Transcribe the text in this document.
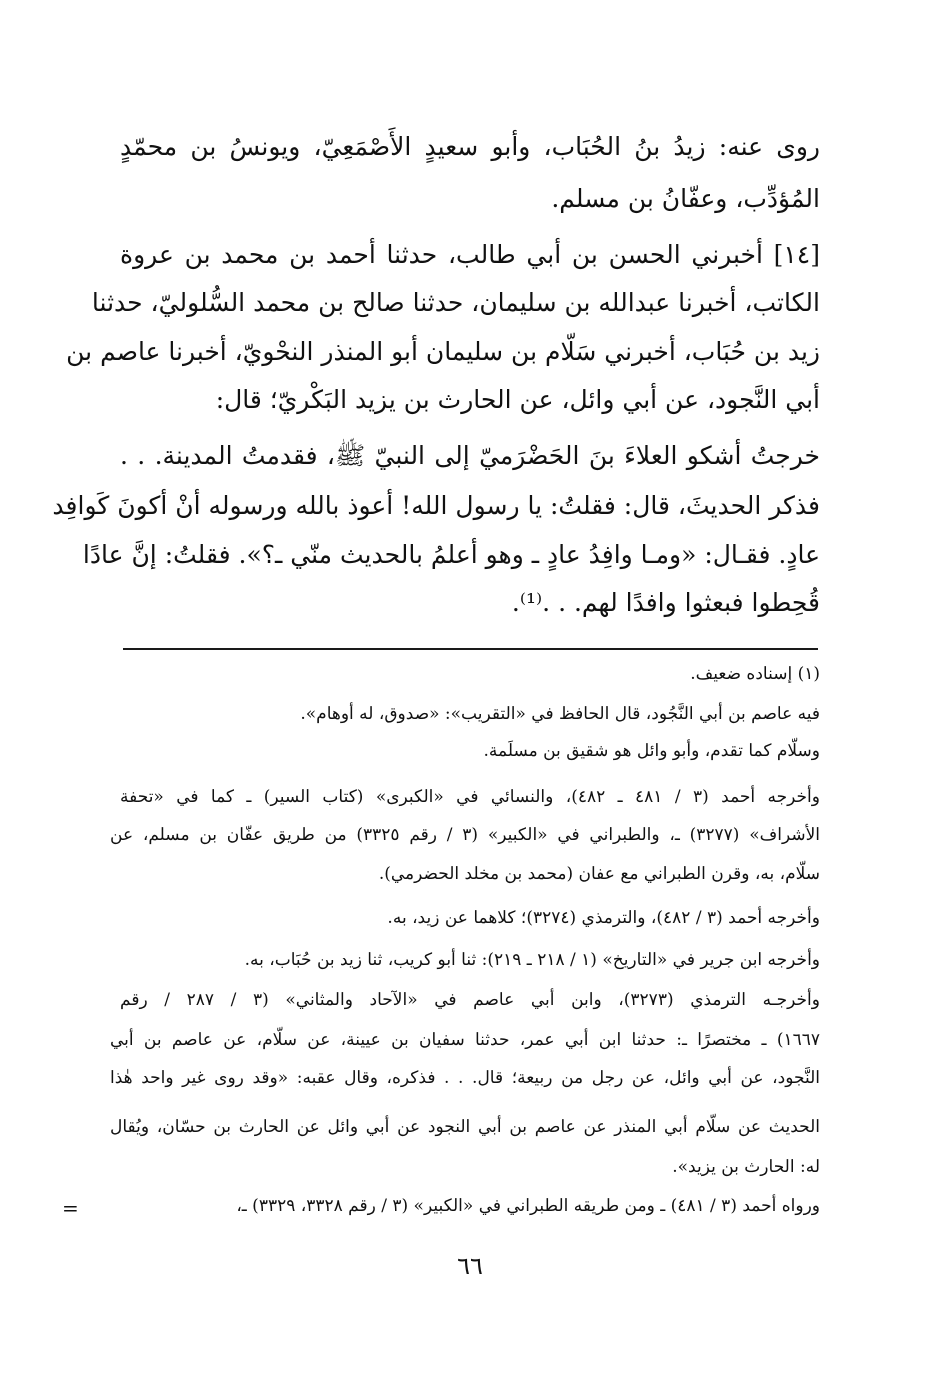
روى عنه: زيدُ بنُ الحُبَاب، وأبو سعيدٍ الأَصْمَعِيّ، ويونسُ بن محمّدٍ
المُؤدِّب، وعفّانُ بن مسلم.
[١٤] أخبرني الحسن بن أبي طالب، حدثنا أحمد بن محمد بن عروة
الكاتب، أخبرنا عبدالله بن سليمان، حدثنا صالح بن محمد السُّلوليّ، حدثنا
زيد بن حُبَاب، أخبرني سَلّام بن سليمان أبو المنذر النحْويّ، أخبرنا عاصم بن
أبي النَّجود، عن أبي وائل، عن الحارث بن يزيد البَكْريّ؛ قال:
خرجتُ أشكو العلاءَ بنَ الحَضْرَميّ إلى النبيّ ﷺ، فقدمتُ المدينة. . .
فذكر الحديثَ، قال: فقلتُ: يا رسول الله! أعوذ بالله ورسوله أنْ أكونَ كَوافِد
عادٍ. فقـال: «ومـا وافِدُ عادٍ ـ وهو أعلمُ بالحديث منّي ـ؟». فقلتُ: إنَّ عادًا
قُحِطوا فبعثوا وافدًا لهم. . .⁽¹⁾.
(١) إسناده ضعيف.
فيه عاصم بن أبي النَّجُود، قال الحافظ في «التقريب»: «صدوق، له أوهام».
وسلّام كما تقدم، وأبو وائل هو شقيق بن مسلَمة.
وأخرجه أحمد (٣ / ٤٨١ ـ ٤٨٢)، والنسائي في «الكبرى» (كتاب السير) ـ كما في «تحفة
الأشراف» (٣٢٧٧) ـ، والطبراني في «الكبير» (٣ / رقم ٣٣٢٥) من طريق عفّان بن مسلم، عن
سلّام، به، وقرن الطبراني مع عفان (محمد بن مخلد الحضرمي).
وأخرجه أحمد (٣ / ٤٨٢)، والترمذي (٣٢٧٤)؛ كلاهما عن زيد، به.
وأخرجه ابن جرير في «التاريخ» (١ / ٢١٨ ـ ٢١٩): ثنا أبو كريب، ثنا زيد بن حُبَاب، به.
وأخرجـه الترمذي (٣٢٧٣)، وابن أبي عاصم في «الآحاد والمثاني» (٣ / ٢٨٧ / رقم
١٦٦٧) ـ مختصرًا ـ: حدثنا ابن أبي عمر، حدثنا سفيان بن عيينة، عن سلّام، عن عاصم بن أبي
النَّجود، عن أبي وائل، عن رجل من ربيعة؛ قال. . . فذكره، وقال عقبه: «وقد روى غير واحد هٰذا
الحديث عن سلّام أبي المنذر عن عاصم بن أبي النجود عن أبي وائل عن الحارث بن حسّان، ويُقال
له: الحارث بن يزيد».
ورواه أحمد (٣ / ٤٨١) ـ ومن طريقه الطبراني في «الكبير» (٣ / رقم ٣٣٢٨، ٣٣٢٩) ـ،
=
٦٦
